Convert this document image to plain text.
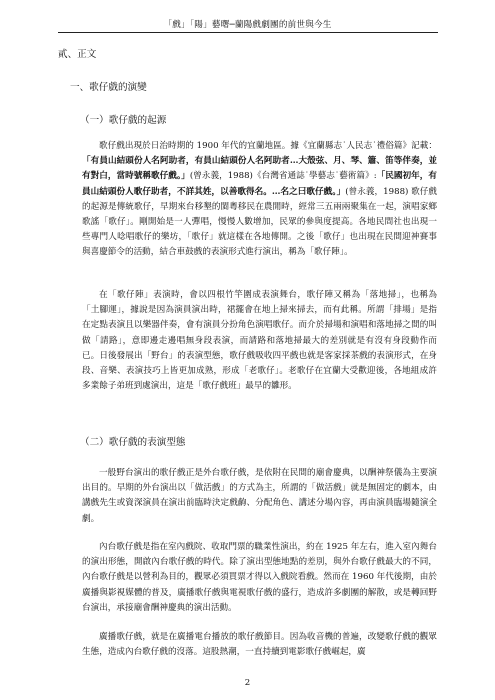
「戲」「陽」藝曙─蘭陽戲劇團的前世與今生
貳、正文
一、歌仔戲的演變
（一）歌仔戲的起源

歌仔戲出現於日治時期的 1900 年代的宜蘭地區。據《宜蘭縣志˙人民志˙禮俗篇》記載：「有員山結頭份人名阿助者，有員山結頭份人名阿助者…大殼弦、月、琴、簫、笛等伴奏，並有對白，當時號稱歌仔戲。」(曾永義，1988)《台灣省通誌˙學藝志˙藝術篇》:「民國初年，有員山結頭份人歌仔助者，不詳其姓，以善歌得名。…名之曰歌仔戲。」(曾永義，1988) 歌仔戲的起源是傳統歌仔，早期來台移墾的閩粵移民在農閒時，經常三五兩兩聚集在一起，演唱家鄉歌謠「歌仔」。剛開始是一人彈唱，慢慢人數增加，民眾的參與度提高。各地民間社也出現一些專門人唸唱歌仔的樂坊，「歌仔」就這樣在各地傳開。之後「歌仔」也出現在民間迎神賽事與喜慶節令的活動，結合車鼓戲的表演形式進行演出，稱為「歌仔陣」。

在「歌仔陣」表演時，會以四根竹竿圍成表演舞台，歌仔陣又稱為「落地掃」，也稱為「土腳運」，據說是因為演員演出時，裙擺會在地上掃來掃去，而有此稱。所謂「排場」是指在定點表演且以樂器伴奏，會有演員分扮角色演唱歌仔。而介於掃場和演唱和落地掃之間的叫做「請路」，意即邊走邊唱無身段表演，而請路和落地掃最大的差別就是有沒有身段動作而已。日後發展出「野台」的表演型態，歌仔戲吸收四平戲也就是客家採茶戲的表演形式，在身段、音樂、表演技巧上皆更加成熟，形成「老歌仔」。老歌仔在宜蘭大受歡迎後，各地組成許多業餘子弟班到處演出，這是「歌仔戲班」最早的雛形。

（二）歌仔戲的表演型態

一般野台演出的歌仔戲正是外台歌仔戲，是依附在民間的廟會慶典，以酬神祭儀為主要演出目的。早期的外台演出以「做活戲」的方式為主，所謂的「做活戲」就是無固定的劇本，由講戲先生或資深演員在演出前臨時決定戲齣、分配角色、講述分場內容，再由演員臨場隨演全劇。

內台歌仔戲是指在室內戲院、收取門票的職業性演出，約在 1925 年左右，進入室內舞台的演出形態，開啟內台歌仔戲的時代。除了演出型態地點的差別，與外台歌仔戲最大的不同，內台歌仔戲是以營利為目的，觀眾必須買票才得以入戲院看戲。然而在 1960 年代後期，由於廣播與影視媒體的普及，廣播歌仔戲與電視歌仔戲的盛行，造成許多劇團的解散，或是轉回野台演出，承接廟會酬神慶典的演出活動。

廣播歌仔戲，就是在廣播電台播放的歌仔戲節目。因為收音機的普遍，改變歌仔戲的觀眾生態，造成內台歌仔戲的沒落。這股熱潮，一直持續到電影歌仔戲崛起，廣

2
